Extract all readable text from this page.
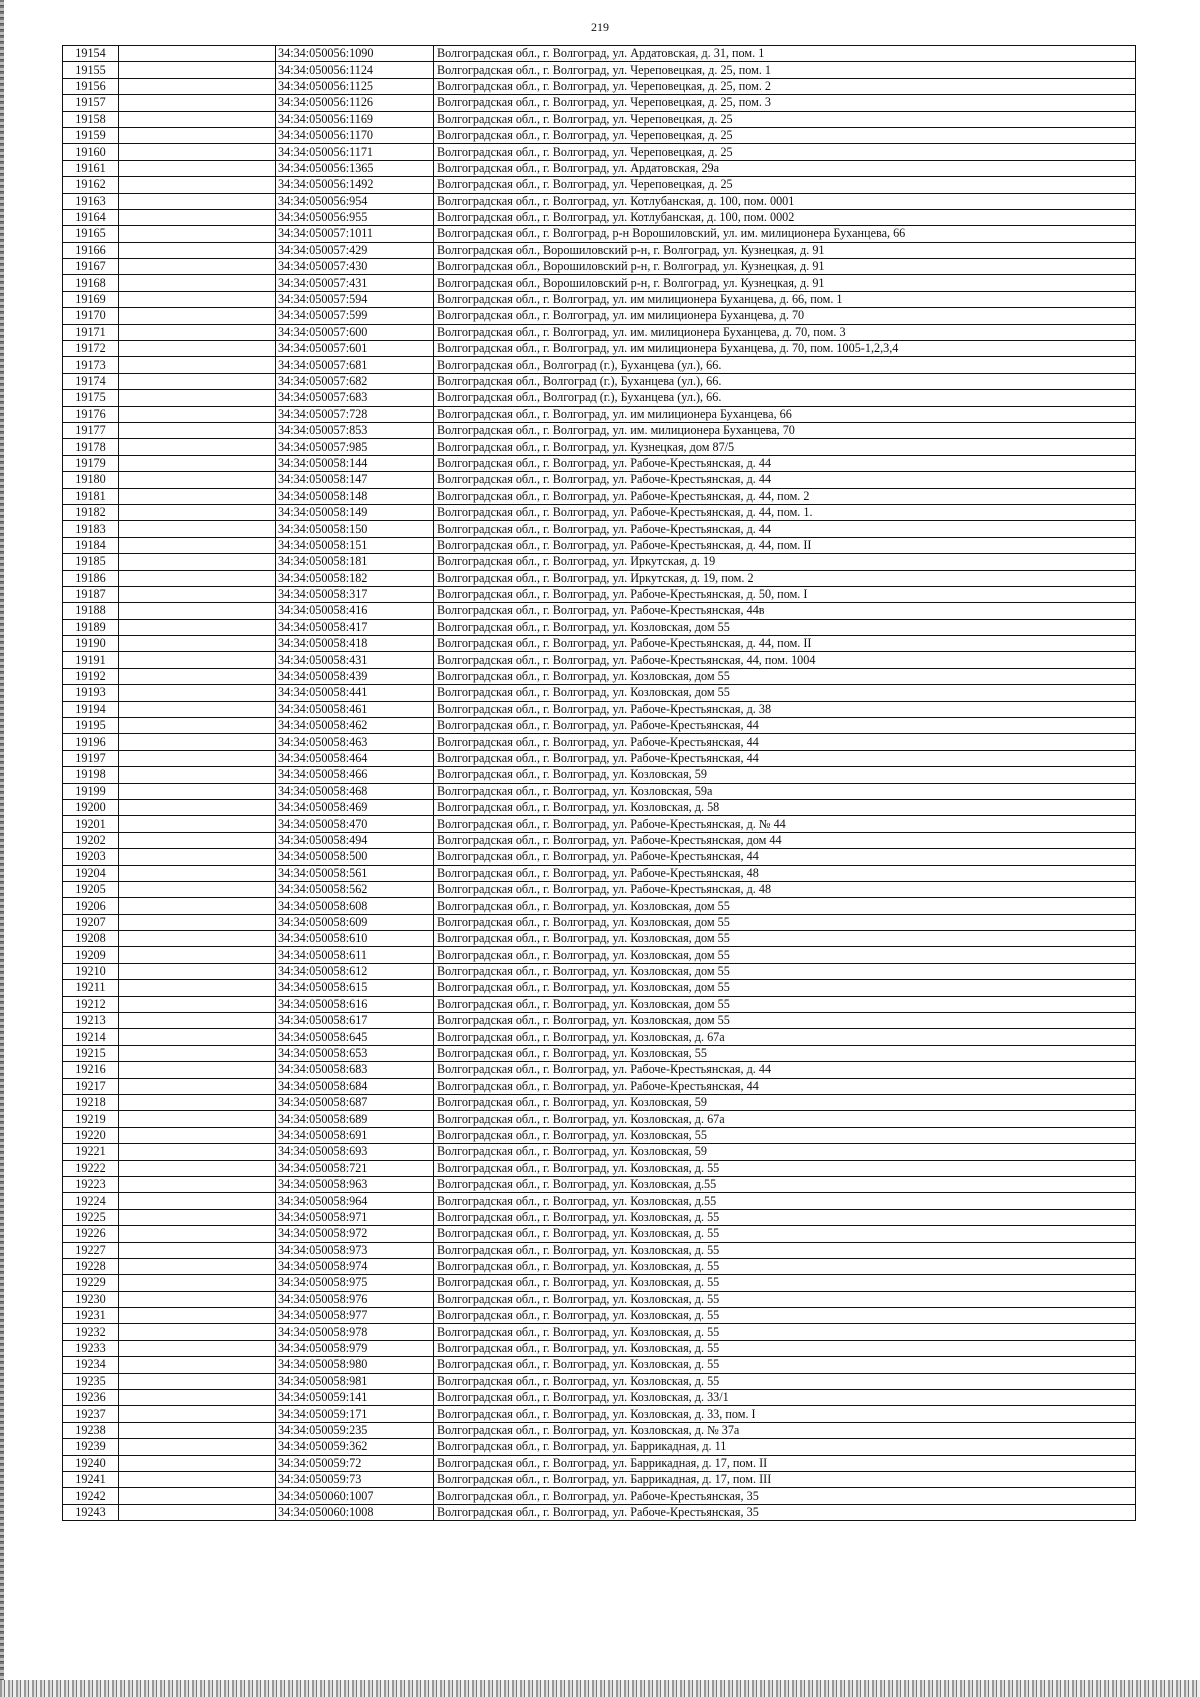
219
19154		34:34:050056:1090	Волгоградская обл., г. Волгоград, ул. Ардатовская, д. 31, пом. 1
19155		34:34:050056:1124	Волгоградская обл., г. Волгоград, ул. Череповецкая, д. 25, пом. 1
19156		34:34:050056:1125	Волгоградская обл., г. Волгоград, ул. Череповецкая, д. 25, пом. 2
19157		34:34:050056:1126	Волгоградская обл., г. Волгоград, ул. Череповецкая, д. 25, пом. 3
19158		34:34:050056:1169	Волгоградская обл., г. Волгоград, ул. Череповецкая, д. 25
19159		34:34:050056:1170	Волгоградская обл., г. Волгоград, ул. Череповецкая, д. 25
19160		34:34:050056:1171	Волгоградская обл., г. Волгоград, ул. Череповецкая, д. 25
19161		34:34:050056:1365	Волгоградская обл., г. Волгоград, ул. Ардатовская, 29а
19162		34:34:050056:1492	Волгоградская обл., г. Волгоград, ул. Череповецкая, д. 25
19163		34:34:050056:954	Волгоградская обл., г. Волгоград, ул. Котлубанская, д. 100, пом. 0001
19164		34:34:050056:955	Волгоградская обл., г. Волгоград, ул. Котлубанская, д. 100, пом. 0002
19165		34:34:050057:1011	Волгоградская обл., г. Волгоград, р-н Ворошиловский, ул. им. милиционера Буханцева, 66
19166		34:34:050057:429	Волгоградская обл., Ворошиловский р-н, г. Волгоград, ул. Кузнецкая, д. 91
19167		34:34:050057:430	Волгоградская обл., Ворошиловский р-н, г. Волгоград, ул. Кузнецкая, д. 91
19168		34:34:050057:431	Волгоградская обл., Ворошиловский р-н, г. Волгоград, ул. Кузнецкая, д. 91
19169		34:34:050057:594	Волгоградская обл., г. Волгоград, ул. им милиционера Буханцева, д. 66, пом. 1
19170		34:34:050057:599	Волгоградская обл., г. Волгоград, ул. им милиционера Буханцева, д. 70
19171		34:34:050057:600	Волгоградская обл., г. Волгоград, ул. им. милиционера Буханцева, д. 70, пом. 3
19172		34:34:050057:601	Волгоградская обл., г. Волгоград, ул. им милиционера Буханцева, д. 70, пом. 1005-1,2,3,4
19173		34:34:050057:681	Волгоградская обл., Волгоград (г.), Буханцева (ул.), 66.
19174		34:34:050057:682	Волгоградская обл., Волгоград (г.), Буханцева (ул.), 66.
19175		34:34:050057:683	Волгоградская обл., Волгоград (г.), Буханцева (ул.), 66.
19176		34:34:050057:728	Волгоградская обл., г. Волгоград, ул. им милиционера Буханцева, 66
19177		34:34:050057:853	Волгоградская обл., г. Волгоград, ул. им. милиционера Буханцева, 70
19178		34:34:050057:985	Волгоградская обл., г. Волгоград, ул. Кузнецкая, дом 87/5
19179		34:34:050058:144	Волгоградская обл., г. Волгоград, ул. Рабоче-Крестьянская, д. 44
19180		34:34:050058:147	Волгоградская обл., г. Волгоград, ул. Рабоче-Крестьянская, д. 44
19181		34:34:050058:148	Волгоградская обл., г. Волгоград, ул. Рабоче-Крестьянская, д. 44, пом. 2
19182		34:34:050058:149	Волгоградская обл., г. Волгоград, ул. Рабоче-Крестьянская, д. 44, пом. 1.
19183		34:34:050058:150	Волгоградская обл., г. Волгоград, ул. Рабоче-Крестьянская, д. 44
19184		34:34:050058:151	Волгоградская обл., г. Волгоград, ул. Рабоче-Крестьянская, д. 44, пом. II
19185		34:34:050058:181	Волгоградская обл., г. Волгоград, ул. Иркутская, д. 19
19186		34:34:050058:182	Волгоградская обл., г. Волгоград, ул. Иркутская, д. 19, пом. 2
19187		34:34:050058:317	Волгоградская обл., г. Волгоград, ул. Рабоче-Крестьянская, д. 50, пом. I
19188		34:34:050058:416	Волгоградская обл., г. Волгоград, ул. Рабоче-Крестьянская, 44в
19189		34:34:050058:417	Волгоградская обл., г. Волгоград, ул. Козловская, дом 55
19190		34:34:050058:418	Волгоградская обл., г. Волгоград, ул. Рабоче-Крестьянская, д. 44, пом. II
19191		34:34:050058:431	Волгоградская обл., г. Волгоград, ул. Рабоче-Крестьянская, 44, пом. 1004
19192		34:34:050058:439	Волгоградская обл., г. Волгоград, ул. Козловская, дом 55
19193		34:34:050058:441	Волгоградская обл., г. Волгоград, ул. Козловская, дом 55
19194		34:34:050058:461	Волгоградская обл., г. Волгоград, ул. Рабоче-Крестьянская, д. 38
19195		34:34:050058:462	Волгоградская обл., г. Волгоград, ул. Рабоче-Крестьянская, 44
19196		34:34:050058:463	Волгоградская обл., г. Волгоград, ул. Рабоче-Крестьянская, 44
19197		34:34:050058:464	Волгоградская обл., г. Волгоград, ул. Рабоче-Крестьянская, 44
19198		34:34:050058:466	Волгоградская обл., г. Волгоград, ул. Козловская, 59
19199		34:34:050058:468	Волгоградская обл., г. Волгоград, ул. Козловская, 59а
19200		34:34:050058:469	Волгоградская обл., г. Волгоград, ул. Козловская, д. 58
19201		34:34:050058:470	Волгоградская обл., г. Волгоград, ул. Рабоче-Крестьянская, д. № 44
19202		34:34:050058:494	Волгоградская обл., г. Волгоград, ул. Рабоче-Крестьянская, дом 44
19203		34:34:050058:500	Волгоградская обл., г. Волгоград, ул. Рабоче-Крестьянская, 44
19204		34:34:050058:561	Волгоградская обл., г. Волгоград, ул. Рабоче-Крестьянская, 48
19205		34:34:050058:562	Волгоградская обл., г. Волгоград, ул. Рабоче-Крестьянская, д. 48
19206		34:34:050058:608	Волгоградская обл., г. Волгоград, ул. Козловская, дом 55
19207		34:34:050058:609	Волгоградская обл., г. Волгоград, ул. Козловская, дом 55
19208		34:34:050058:610	Волгоградская обл., г. Волгоград, ул. Козловская, дом 55
19209		34:34:050058:611	Волгоградская обл., г. Волгоград, ул. Козловская, дом 55
19210		34:34:050058:612	Волгоградская обл., г. Волгоград, ул. Козловская, дом 55
19211		34:34:050058:615	Волгоградская обл., г. Волгоград, ул. Козловская, дом 55
19212		34:34:050058:616	Волгоградская обл., г. Волгоград, ул. Козловская, дом 55
19213		34:34:050058:617	Волгоградская обл., г. Волгоград, ул. Козловская, дом 55
19214		34:34:050058:645	Волгоградская обл., г. Волгоград, ул. Козловская, д. 67а
19215		34:34:050058:653	Волгоградская обл., г. Волгоград, ул. Козловская, 55
19216		34:34:050058:683	Волгоградская обл., г. Волгоград, ул. Рабоче-Крестьянская, д. 44
19217		34:34:050058:684	Волгоградская обл., г. Волгоград, ул. Рабоче-Крестьянская, 44
19218		34:34:050058:687	Волгоградская обл., г. Волгоград, ул. Козловская, 59
19219		34:34:050058:689	Волгоградская обл., г. Волгоград, ул. Козловская, д. 67а
19220		34:34:050058:691	Волгоградская обл., г. Волгоград, ул. Козловская, 55
19221		34:34:050058:693	Волгоградская обл., г. Волгоград, ул. Козловская, 59
19222		34:34:050058:721	Волгоградская обл., г. Волгоград, ул. Козловская, д. 55
19223		34:34:050058:963	Волгоградская обл., г. Волгоград, ул. Козловская, д.55
19224		34:34:050058:964	Волгоградская обл., г. Волгоград, ул. Козловская, д.55
19225		34:34:050058:971	Волгоградская обл., г. Волгоград, ул. Козловская, д. 55
19226		34:34:050058:972	Волгоградская обл., г. Волгоград, ул. Козловская, д. 55
19227		34:34:050058:973	Волгоградская обл., г. Волгоград, ул. Козловская, д. 55
19228		34:34:050058:974	Волгоградская обл., г. Волгоград, ул. Козловская, д. 55
19229		34:34:050058:975	Волгоградская обл., г. Волгоград, ул. Козловская, д. 55
19230		34:34:050058:976	Волгоградская обл., г. Волгоград, ул. Козловская, д. 55
19231		34:34:050058:977	Волгоградская обл., г. Волгоград, ул. Козловская, д. 55
19232		34:34:050058:978	Волгоградская обл., г. Волгоград, ул. Козловская, д. 55
19233		34:34:050058:979	Волгоградская обл., г. Волгоград, ул. Козловская, д. 55
19234		34:34:050058:980	Волгоградская обл., г. Волгоград, ул. Козловская, д. 55
19235		34:34:050058:981	Волгоградская обл., г. Волгоград, ул. Козловская, д. 55
19236		34:34:050059:141	Волгоградская обл., г. Волгоград, ул. Козловская, д. 33/1
19237		34:34:050059:171	Волгоградская обл., г. Волгоград, ул. Козловская, д. 33, пом. I
19238		34:34:050059:235	Волгоградская обл., г. Волгоград, ул. Козловская, д. № 37а
19239		34:34:050059:362	Волгоградская обл., г. Волгоград, ул. Баррикадная, д. 11
19240		34:34:050059:72	Волгоградская обл., г. Волгоград, ул. Баррикадная, д. 17, пом. II
19241		34:34:050059:73	Волгоградская обл., г. Волгоград, ул. Баррикадная, д. 17, пом. III
19242		34:34:050060:1007	Волгоградская обл., г. Волгоград, ул. Рабоче-Крестьянская, 35
19243		34:34:050060:1008	Волгоградская обл., г. Волгоград, ул. Рабоче-Крестьянская, 35
